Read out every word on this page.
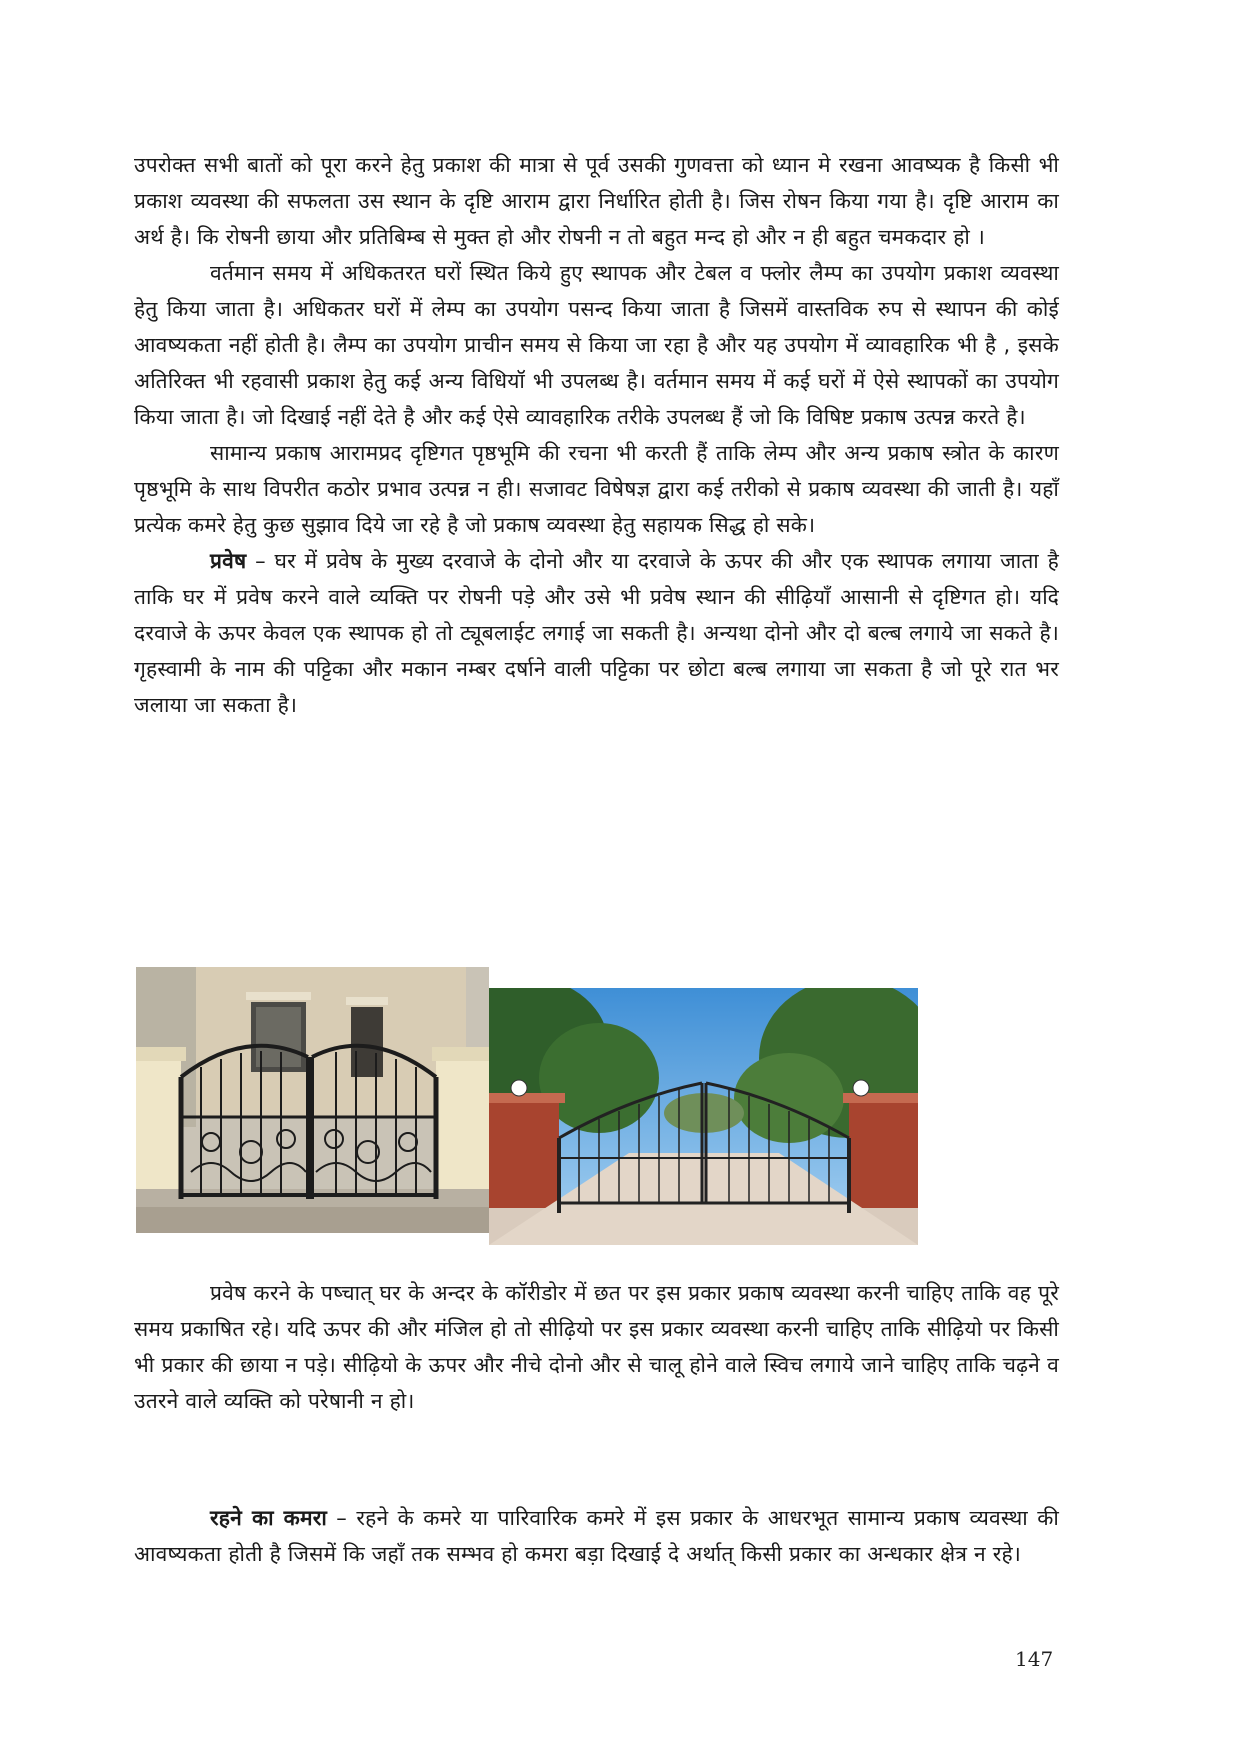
उपरोक्त सभी बातों को पूरा करने हेतु प्रकाश की मात्रा से पूर्व उसकी गुणवत्ता को ध्यान मे रखना आवष्यक है किसी भी प्रकाश व्यवस्था की सफलता उस स्थान के दृष्टि आराम द्वारा निर्धारित होती है। जिस रोषन किया गया है। दृष्टि आराम का अर्थ है। कि रोषनी छाया और प्रतिबिम्ब से मुक्त हो और रोषनी न तो बहुत मन्द हो और न ही बहुत चमकदार हो ।

वर्तमान समय में अधिकतरत घरों स्थित किये हुए स्थापक और टेबल व फ्लोर लैम्प का उपयोग प्रकाश व्यवस्था हेतु किया जाता है। अधिकतर घरों में लेम्प का उपयोग पसन्द किया जाता है जिसमें वास्तविक रुप से स्थापन की कोई आवष्यकता नहीं होती है। लैम्प का उपयोग प्राचीन समय से किया जा रहा है और यह उपयोग में व्यावहारिक भी है , इसके अतिरिक्त भी रहवासी प्रकाश हेतु कई अन्य विधियॉ भी उपलब्ध है। वर्तमान समय में कई घरों में ऐसे स्थापकों का उपयोग किया जाता है। जो दिखाई नहीं देते है और कई ऐसे व्यावहारिक तरीके उपलब्ध हैं जो कि विषिष्ट प्रकाष उत्पन्न करते है।

सामान्य प्रकाष आरामप्रद दृष्टिगत पृष्ठभूमि की रचना भी करती हैं ताकि लेम्प और अन्य प्रकाष स्त्रोत के कारण पृष्ठभूमि के साथ विपरीत कठोर प्रभाव उत्पन्न न ही। सजावट विषेषज्ञ द्वारा कई तरीको से प्रकाष व्यवस्था की जाती है। यहाँ प्रत्येक कमरे हेतु कुछ सुझाव दिये जा रहे है जो प्रकाष व्यवस्था हेतु सहायक सिद्ध हो सके।

प्रवेष – घर में प्रवेष के मुख्य दरवाजे के दोनो और या दरवाजे के ऊपर की और एक स्थापक लगाया जाता है ताकि घर में प्रवेष करने वाले व्यक्ति पर रोषनी पड़े और उसे भी प्रवेष स्थान की सीढ़ियाँ आसानी से दृष्टिगत हो। यदि दरवाजे के ऊपर केवल एक स्थापक हो तो ट्यूबलाईट लगाई जा सकती है। अन्यथा दोनो और दो बल्ब लगाये जा सकते है। गृहस्वामी के नाम की पट्टिका और मकान नम्बर दर्षाने वाली पट्टिका पर छोटा बल्ब लगाया जा सकता है जो पूरे रात भर जलाया जा सकता है।

प्रवेष करने के पष्चात् घर के अन्दर के कॉरीडोर में छत पर इस प्रकार प्रकाष व्यवस्था करनी चाहिए ताकि वह पूरे समय प्रकाषित रहे। यदि ऊपर की और मंजिल हो तो सीढ़ियो पर इस प्रकार व्यवस्था करनी चाहिए ताकि सीढ़ियो पर किसी भी प्रकार की छाया न पड़े। सीढ़ियो के ऊपर और नीचे दोनो और से चालू होने वाले स्विच लगाये जाने चाहिए ताकि चढ़ने व उतरने वाले व्यक्ति को परेषानी न हो।

रहने का कमरा – रहने के कमरे या पारिवारिक कमरे में इस प्रकार के आधरभूत सामान्य प्रकाष व्यवस्था की आवष्यकता होती है जिसमें कि जहाँ तक सम्भव हो कमरा बड़ा दिखाई दे अर्थात् किसी प्रकार का अन्धकार क्षेत्र न रहे।

147
